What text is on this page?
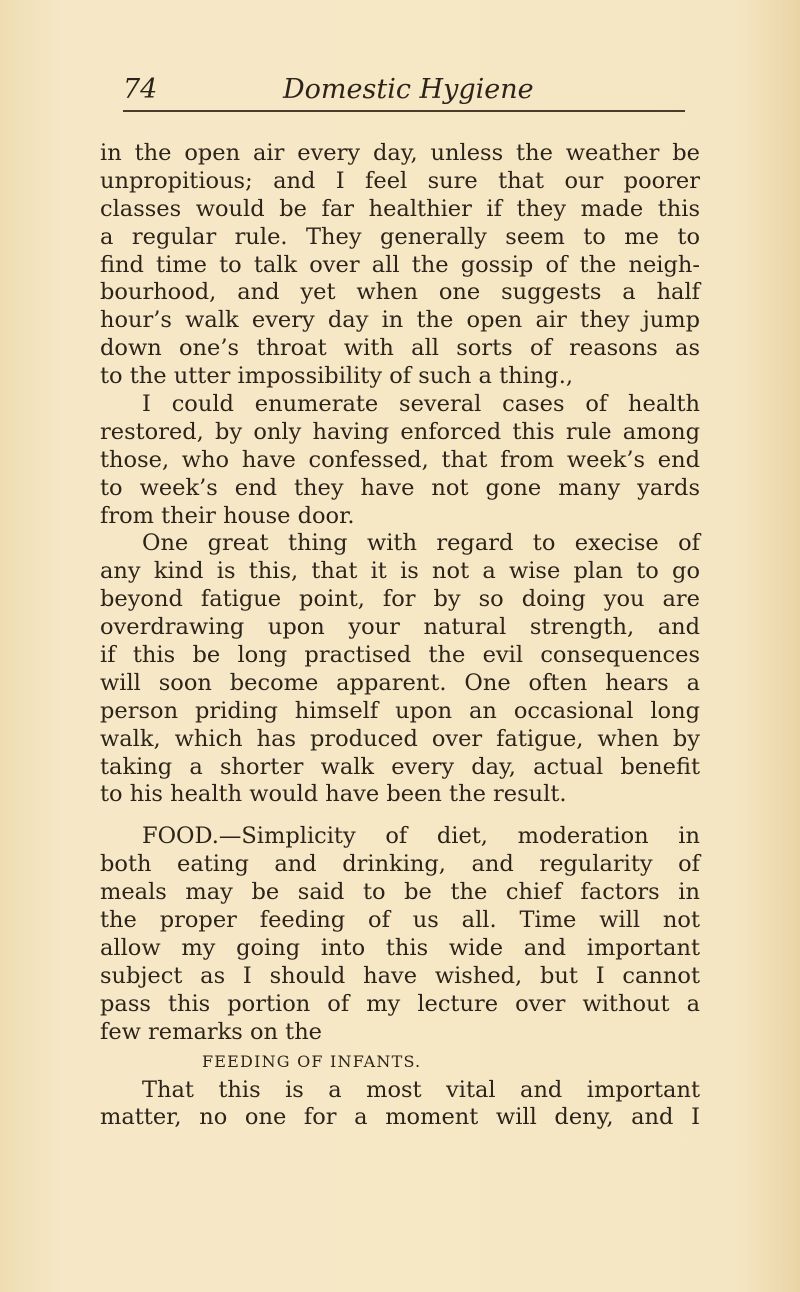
74	Domestic Hygiene
in the open air every day, unless the weather be
unpropitious; and I feel sure that our poorer
classes would be far healthier if they made this
a regular rule. They generally seem to me to
find time to talk over all the gossip of the neigh-
bourhood, and yet when one suggests a half
hour’s walk every day in the open air they jump
down one’s throat with all sorts of reasons as
to the utter impossibility of such a thing.,
I could enumerate several cases of health
restored, by only having enforced this rule among
those, who have confessed, that from week’s end
to week’s end they have not gone many yards
from their house door.
One great thing with regard to execise of
any kind is this, that it is not a wise plan to go
beyond fatigue point, for by so doing you are
overdrawing upon your natural strength, and
if this be long practised the evil consequences
will soon become apparent. One often hears a
person priding himself upon an occasional long
walk, which has produced over fatigue, when by
taking a shorter walk every day, actual benefit
to his health would have been the result.
FOOD.—Simplicity of diet, moderation in
both eating and drinking, and regularity of
meals may be said to be the chief factors in
the proper feeding of us all. Time will not
allow my going into this wide and important
subject as I should have wished, but I cannot
pass this portion of my lecture over without a
few remarks on the
FEEDING OF INFANTS.
That this is a most vital and important
matter, no one for a moment will deny, and I
